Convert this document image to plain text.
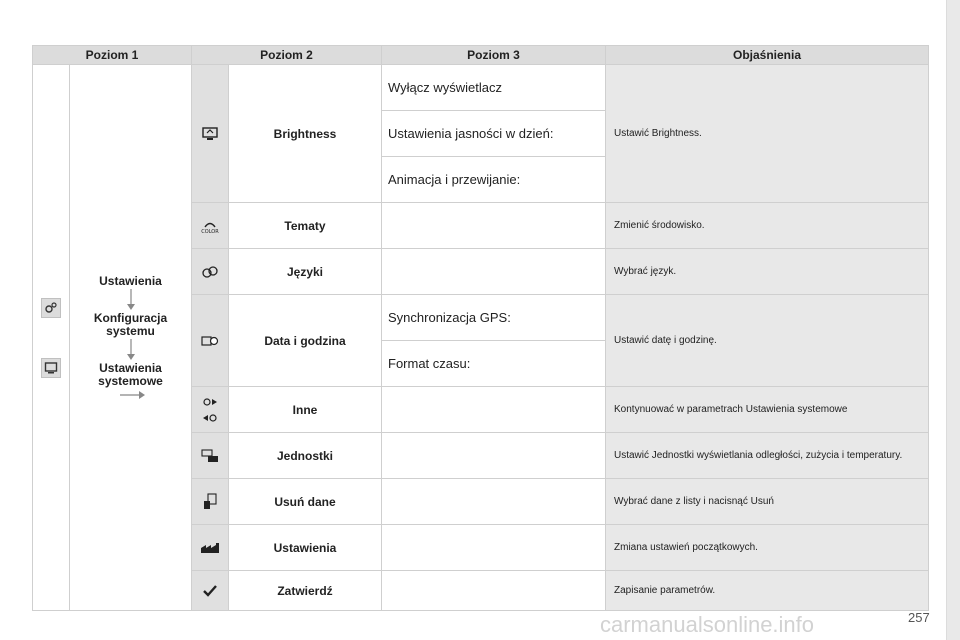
Poziom 1		Poziom 2		Poziom 3	Objaśnienia

Ustawienia
Konfiguracja systemu
Ustawienia systemowe		Brightness	Wyłącz wyświetlacz	Ustawić Brightness.
				Ustawienia jasności w dzień:	
				Animacja i przewijanie:	

COLOR	Tematy		Zmienić środowisko.

	Języki		Wybrać język.

	Data i godzina	Synchronizacja GPS:	Ustawić datę i godzinę.
				Format czasu:	

	Inne		Kontynuować w parametrach Ustawienia systemowe

	Jednostki		Ustawić Jednostki wyświetlania odległości, zużycia i temperatury.

	Usuń dane		Wybrać dane z listy i nacisnąć Usuń

	Ustawienia		Zmiana ustawień początkowych.

	Zatwierdź		Zapisanie parametrów.
carmanualsonline.info	257
